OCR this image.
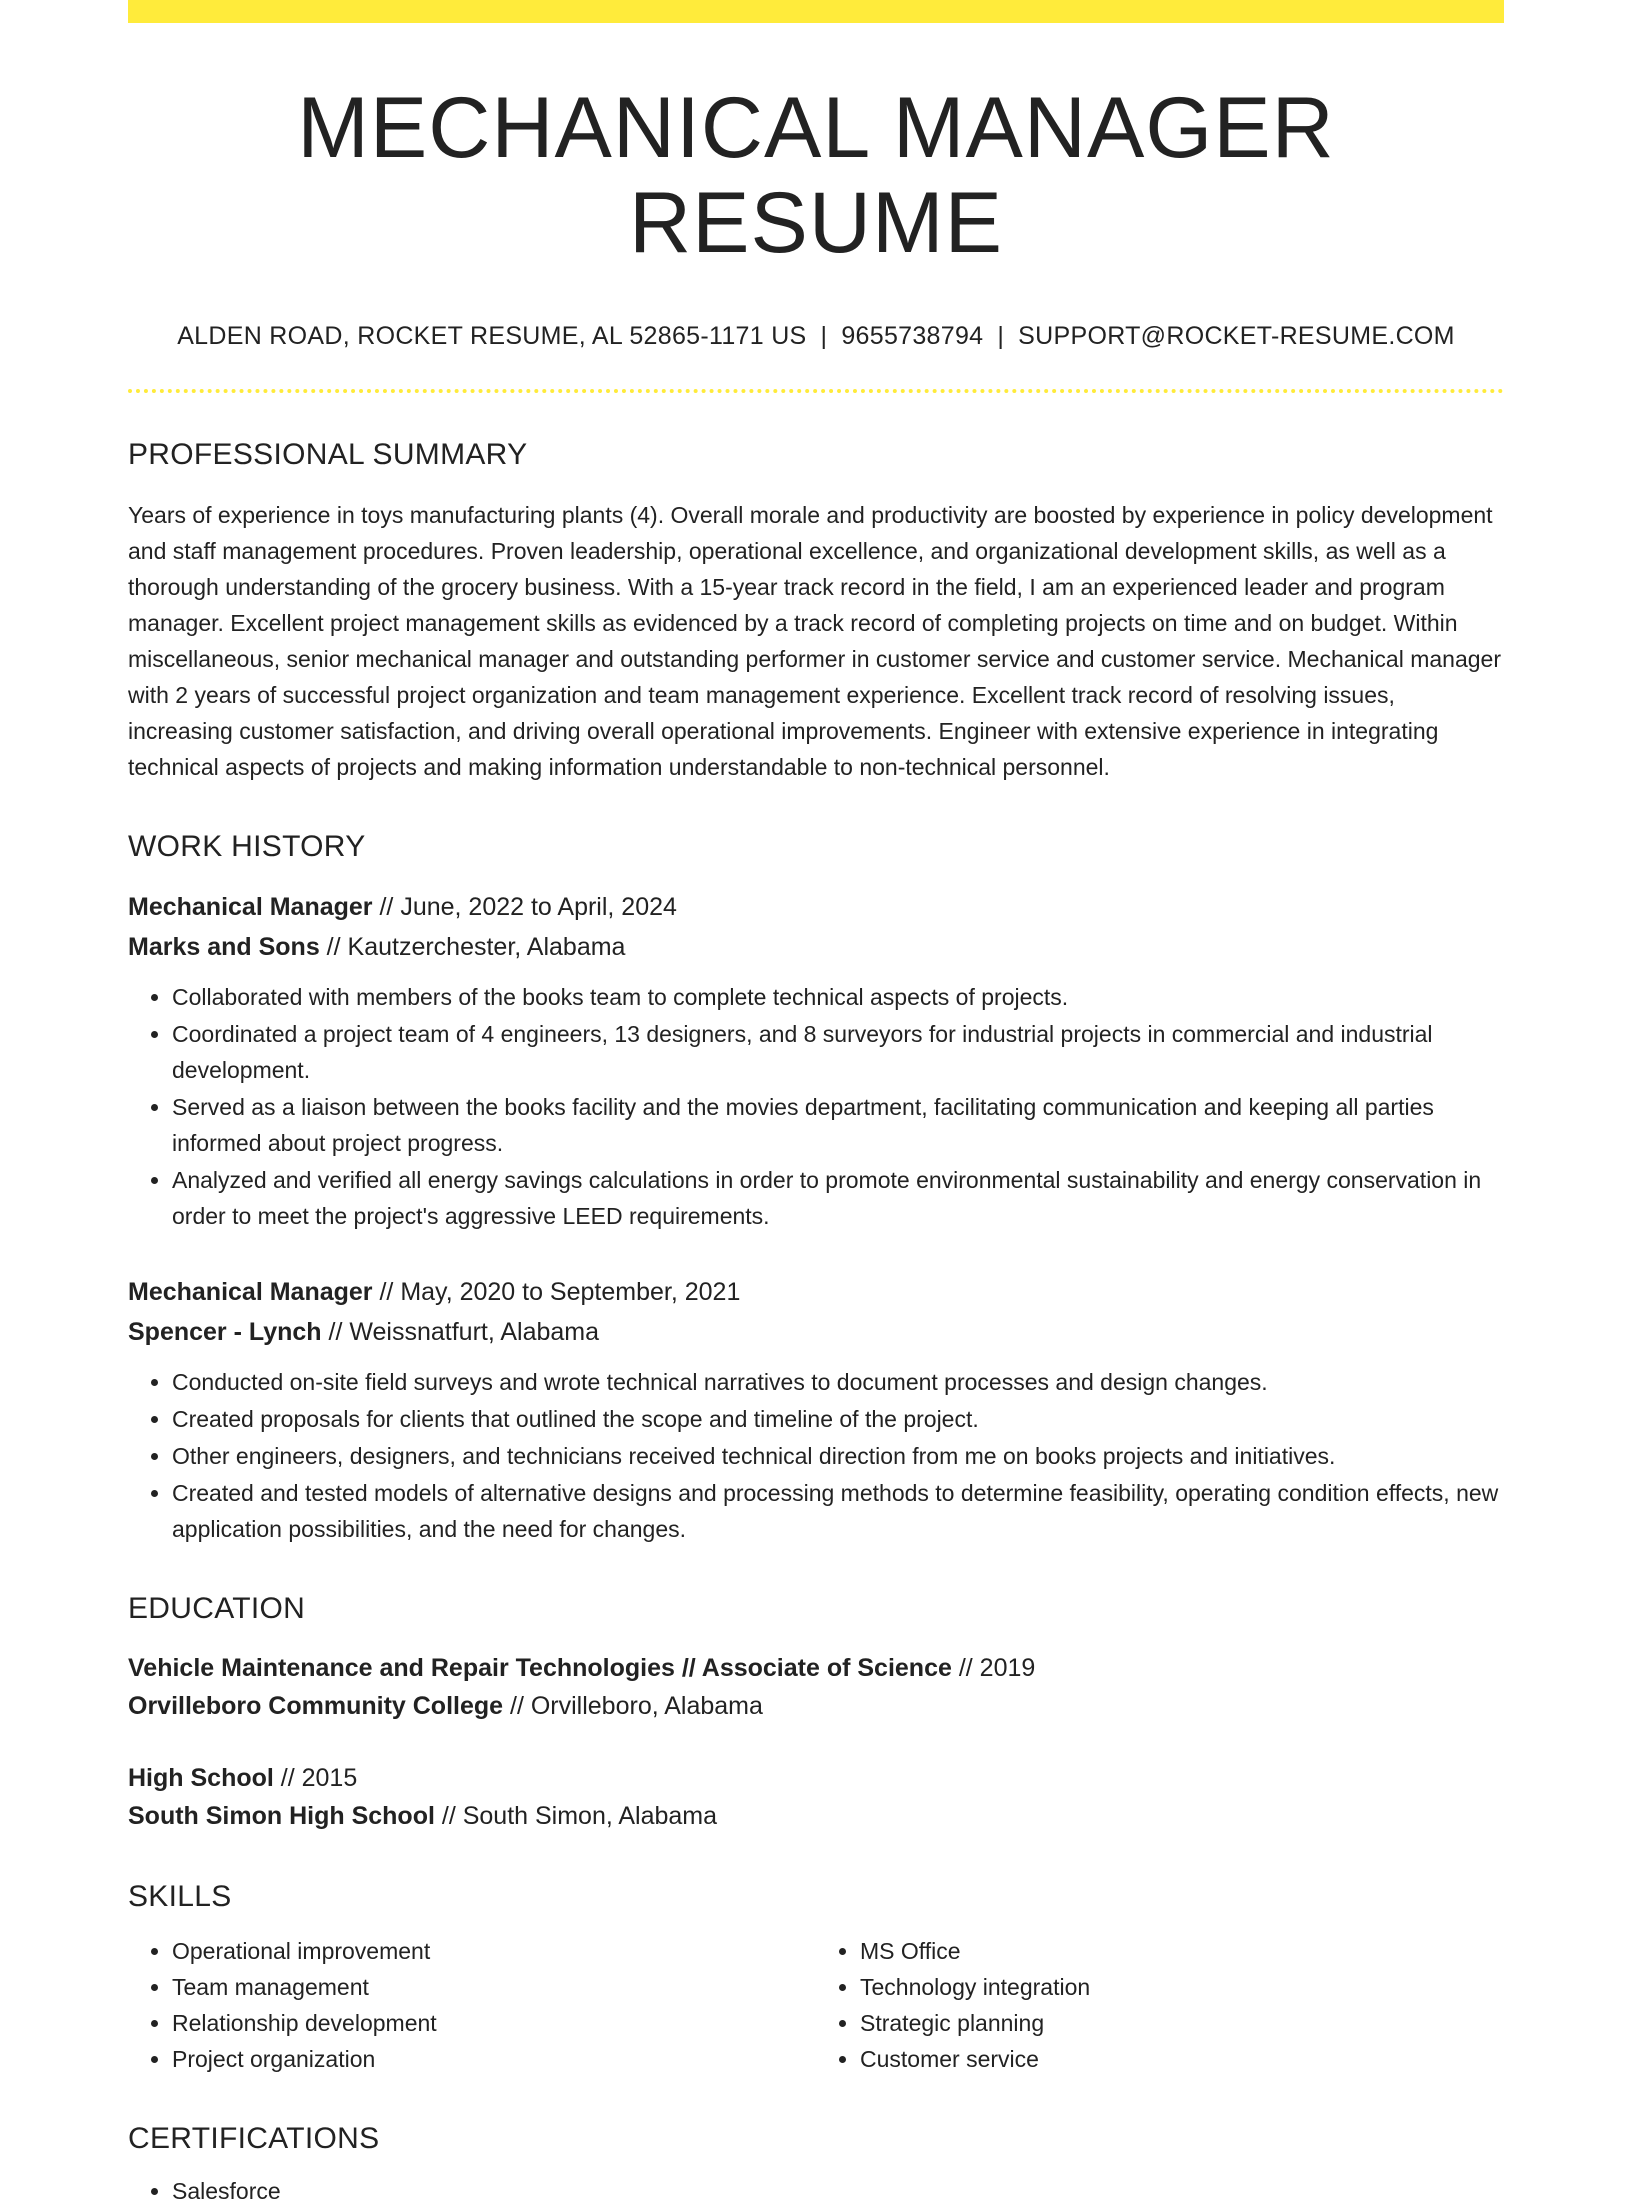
MECHANICAL MANAGER RESUME
ALDEN ROAD, ROCKET RESUME, AL 52865-1171 US | 9655738794 | SUPPORT@ROCKET-RESUME.COM
PROFESSIONAL SUMMARY
Years of experience in toys manufacturing plants (4). Overall morale and productivity are boosted by experience in policy development and staff management procedures. Proven leadership, operational excellence, and organizational development skills, as well as a thorough understanding of the grocery business. With a 15-year track record in the field, I am an experienced leader and program manager. Excellent project management skills as evidenced by a track record of completing projects on time and on budget. Within miscellaneous, senior mechanical manager and outstanding performer in customer service and customer service. Mechanical manager with 2 years of successful project organization and team management experience. Excellent track record of resolving issues, increasing customer satisfaction, and driving overall operational improvements. Engineer with extensive experience in integrating technical aspects of projects and making information understandable to non-technical personnel.
WORK HISTORY
Mechanical Manager // June, 2022 to April, 2024
Marks and Sons // Kautzerchester, Alabama
• Collaborated with members of the books team to complete technical aspects of projects.
• Coordinated a project team of 4 engineers, 13 designers, and 8 surveyors for industrial projects in commercial and industrial development.
• Served as a liaison between the books facility and the movies department, facilitating communication and keeping all parties informed about project progress.
• Analyzed and verified all energy savings calculations in order to promote environmental sustainability and energy conservation in order to meet the project's aggressive LEED requirements.
Mechanical Manager // May, 2020 to September, 2021
Spencer - Lynch // Weissnatfurt, Alabama
• Conducted on-site field surveys and wrote technical narratives to document processes and design changes.
• Created proposals for clients that outlined the scope and timeline of the project.
• Other engineers, designers, and technicians received technical direction from me on books projects and initiatives.
• Created and tested models of alternative designs and processing methods to determine feasibility, operating condition effects, new application possibilities, and the need for changes.
EDUCATION
Vehicle Maintenance and Repair Technologies // Associate of Science // 2019
Orvilleboro Community College // Orvilleboro, Alabama
High School // 2015
South Simon High School // South Simon, Alabama
SKILLS
• Operational improvement
• Team management
• Relationship development
• Project organization
• MS Office
• Technology integration
• Strategic planning
• Customer service
CERTIFICATIONS
• Salesforce
